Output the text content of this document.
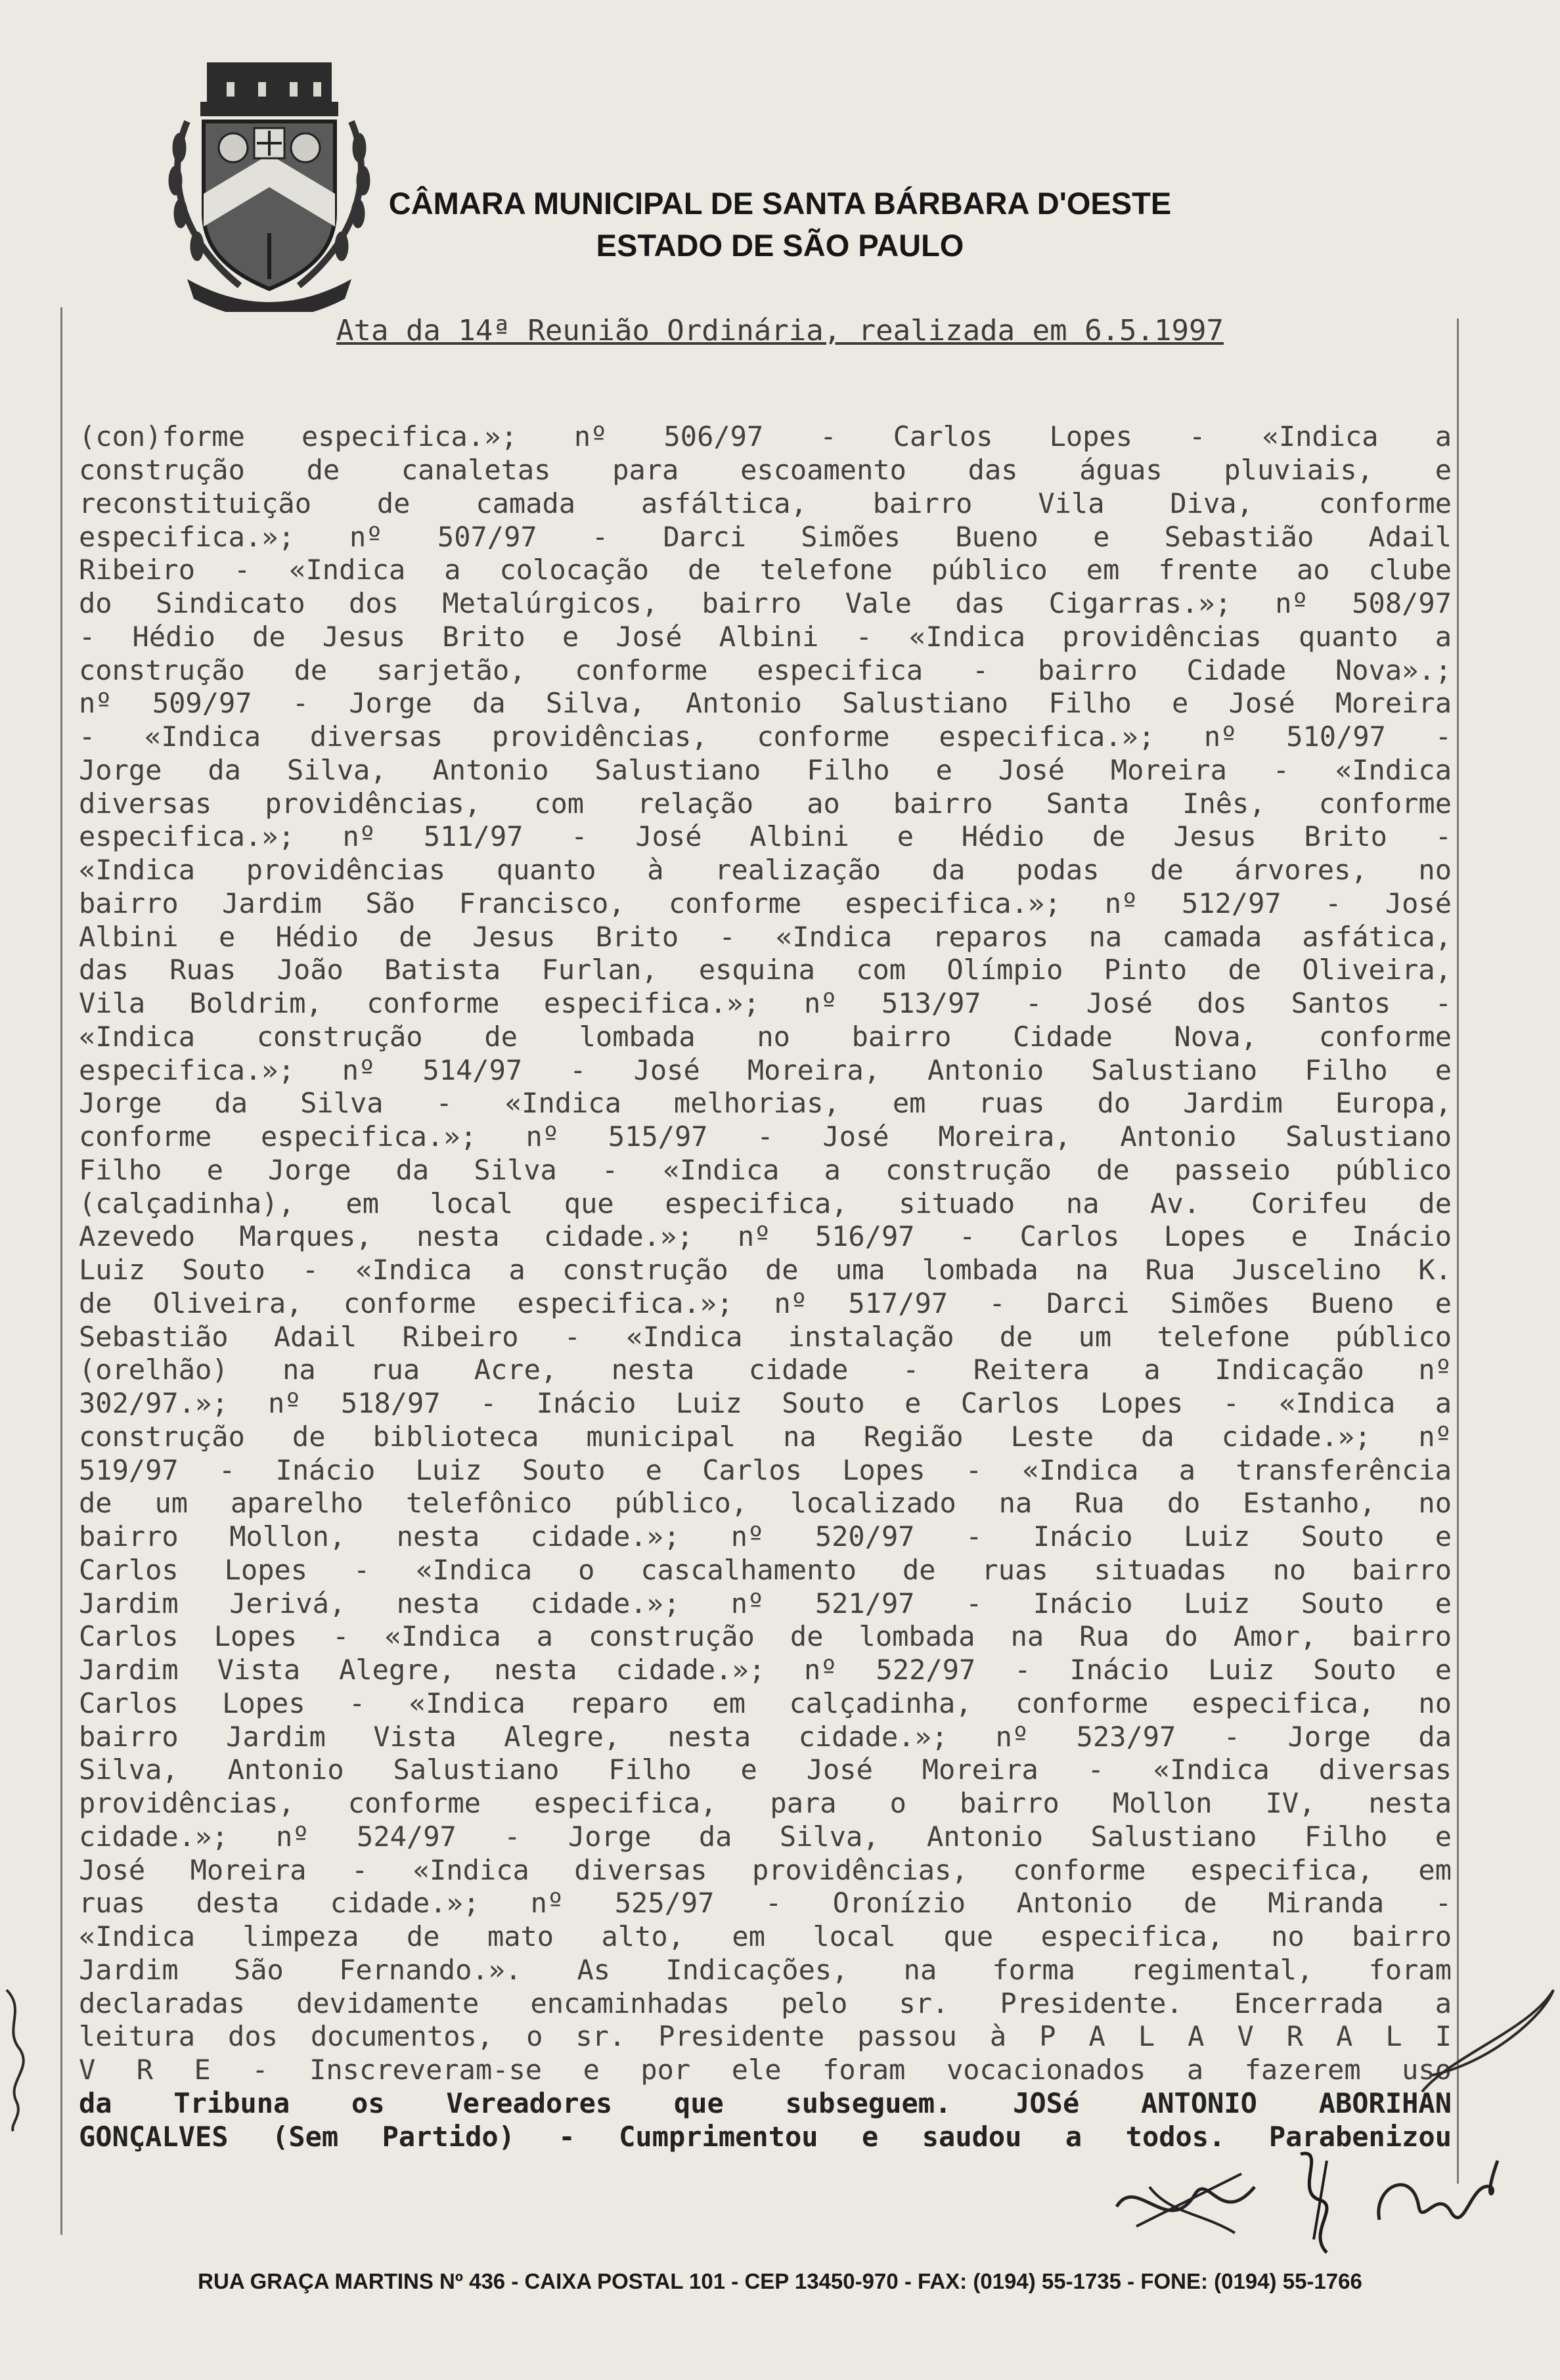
CÂMARA MUNICIPAL DE SANTA BÁRBARA D'OESTE
ESTADO DE SÃO PAULO
Ata da 14ª Reunião Ordinária, realizada em 6.5.1997

(con)forme especifica.»; nº 506/97 - Carlos Lopes - «Indica a

construção de canaletas para escoamento das águas pluviais, e

reconstituição de camada asfáltica, bairro Vila Diva, conforme

especifica.»; nº 507/97 - Darci Simões Bueno e Sebastião Adail

Ribeiro - «Indica a colocação de telefone público em frente ao clube

do Sindicato dos Metalúrgicos, bairro Vale das Cigarras.»; nº 508/97

- Hédio de Jesus Brito e José Albini - «Indica providências quanto a

construção de sarjetão, conforme especifica - bairro Cidade Nova».;

nº 509/97 - Jorge da Silva, Antonio Salustiano Filho e José Moreira

- «Indica diversas providências, conforme especifica.»; nº 510/97 -

Jorge da Silva, Antonio Salustiano Filho e José Moreira - «Indica

diversas providências, com relação ao bairro Santa Inês, conforme

especifica.»; nº 511/97 - José Albini e Hédio de Jesus Brito -

«Indica providências quanto à realização da podas de árvores, no

bairro Jardim São Francisco, conforme especifica.»; nº 512/97 - José

Albini e Hédio de Jesus Brito - «Indica reparos na camada asfática,

das Ruas João Batista Furlan, esquina com Olímpio Pinto de Oliveira,

Vila Boldrim, conforme especifica.»; nº 513/97 - José dos Santos -

«Indica construção de lombada no bairro Cidade Nova, conforme

especifica.»; nº 514/97 - José Moreira, Antonio Salustiano Filho e

Jorge da Silva - «Indica melhorias, em ruas do Jardim Europa,

conforme especifica.»; nº 515/97 - José Moreira, Antonio Salustiano

Filho e Jorge da Silva - «Indica a construção de passeio público

(calçadinha), em local que especifica, situado na Av. Corifeu de

Azevedo Marques, nesta cidade.»; nº 516/97 - Carlos Lopes e Inácio

Luiz Souto - «Indica a construção de uma lombada na Rua Juscelino K.

de Oliveira, conforme especifica.»; nº 517/97 - Darci Simões Bueno e

Sebastião Adail Ribeiro - «Indica instalação de um telefone público

(orelhão) na rua Acre, nesta cidade - Reitera a Indicação nº

302/97.»; nº 518/97 - Inácio Luiz Souto e Carlos Lopes - «Indica a

construção de biblioteca municipal na Região Leste da cidade.»; nº

519/97 - Inácio Luiz Souto e Carlos Lopes - «Indica a transferência

de um aparelho telefônico público, localizado na Rua do Estanho, no

bairro Mollon, nesta cidade.»; nº 520/97 - Inácio Luiz Souto e

Carlos Lopes - «Indica o cascalhamento de ruas situadas no bairro

Jardim Jerivá, nesta cidade.»; nº 521/97 - Inácio Luiz Souto e

Carlos Lopes - «Indica a construção de lombada na Rua do Amor, bairro

Jardim Vista Alegre, nesta cidade.»; nº 522/97 - Inácio Luiz Souto e

Carlos Lopes - «Indica reparo em calçadinha, conforme especifica, no

bairro Jardim Vista Alegre, nesta cidade.»; nº 523/97 - Jorge da

Silva, Antonio Salustiano Filho e José Moreira - «Indica diversas

providências, conforme especifica, para o bairro Mollon IV, nesta

cidade.»; nº 524/97 - Jorge da Silva, Antonio Salustiano Filho e

José Moreira - «Indica diversas providências, conforme especifica, em

ruas desta cidade.»; nº 525/97 - Oronízio Antonio de Miranda -

«Indica limpeza de mato alto, em local que especifica, no bairro

Jardim São Fernando.». As Indicações, na forma regimental, foram

declaradas devidamente encaminhadas pelo sr. Presidente. Encerrada a

leitura dos documentos, o sr. Presidente passou à P A L A V R A L I

V R E - Inscreveram-se e por ele foram vocacionados a fazerem uso

da Tribuna os Vereadores que subseguem. JOSé ANTONIO ABORIHAN

GONÇALVES (Sem Partido) - Cumprimentou e saudou a todos. Parabenizou

RUA GRAÇA MARTINS Nº 436 - CAIXA POSTAL 101 - CEP 13450-970 - FAX: (0194) 55-1735 - FONE: (0194) 55-1766
